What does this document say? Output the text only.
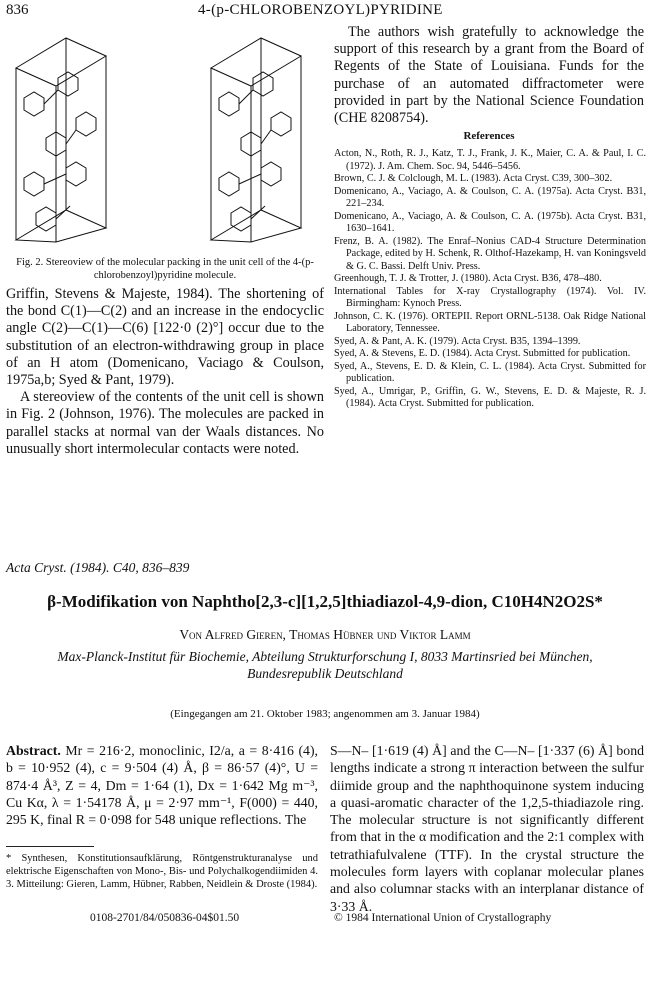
836	4-(p-CHLOROBENZOYL)PYRIDINE
Fig. 2. Stereoview of the molecular packing in the unit cell of the 4-(p-chlorobenzoyl)pyridine molecule.

Griffin, Stevens & Majeste, 1984). The shortening of the bond C(1)—C(2) and an increase in the endocyclic angle C(2)—C(1)—C(6) [122·0 (2)°] occur due to the substitution of an electron-withdrawing group in place of an H atom (Domenicano, Vaciago & Coulson, 1975a,b; Syed & Pant, 1979).

A stereoview of the contents of the unit cell is shown in Fig. 2 (Johnson, 1976). The molecules are packed in parallel stacks at normal van der Waals distances. No unusually short intermolecular contacts were noted.

The authors wish gratefully to acknowledge the support of this research by a grant from the Board of Regents of the State of Louisiana. Funds for the purchase of an automated diffractometer were provided in part by the National Science Foundation (CHE 8208754).
References
Acton, N., Roth, R. J., Katz, T. J., Frank, J. K., Maier, C. A. & Paul, I. C. (1972). J. Am. Chem. Soc. 94, 5446–5456.
Brown, C. J. & Colclough, M. L. (1983). Acta Cryst. C39, 300–302.
Domenicano, A., Vaciago, A. & Coulson, C. A. (1975a). Acta Cryst. B31, 221–234.
Domenicano, A., Vaciago, A. & Coulson, C. A. (1975b). Acta Cryst. B31, 1630–1641.
Frenz, B. A. (1982). The Enraf–Nonius CAD-4 Structure Determination Package, edited by H. Schenk, R. Olthof-Hazekamp, H. van Koningsveld & G. C. Bassi. Delft Univ. Press.
Greenhough, T. J. & Trotter, J. (1980). Acta Cryst. B36, 478–480.
International Tables for X-ray Crystallography (1974). Vol. IV. Birmingham: Kynoch Press.
Johnson, C. K. (1976). ORTEPII. Report ORNL-5138. Oak Ridge National Laboratory, Tennessee.
Syed, A. & Pant, A. K. (1979). Acta Cryst. B35, 1394–1399.
Syed, A. & Stevens, E. D. (1984). Acta Cryst. Submitted for publication.
Syed, A., Stevens, E. D. & Klein, C. L. (1984). Acta Cryst. Submitted for publication.
Syed, A., Umrigar, P., Griffin, G. W., Stevens, E. D. & Majeste, R. J. (1984). Acta Cryst. Submitted for publication.
Acta Cryst. (1984). C40, 836–839
β-Modifikation von Naphtho[2,3-c][1,2,5]thiadiazol-4,9-dion, C10H4N2O2S*
Von Alfred Gieren, Thomas Hübner und Viktor Lamm
Max-Planck-Institut für Biochemie, Abteilung Strukturforschung I, 8033 Martinsried bei München, Bundesrepublik Deutschland
(Eingegangen am 21. Oktober 1983; angenommen am 3. Januar 1984)
Abstract. Mr = 216·2, monoclinic, I2/a, a = 8·416 (4), b = 10·952 (4), c = 9·504 (4) Å, β = 86·57 (4)°, U = 874·4 Å³, Z = 4, Dm = 1·64 (1), Dx = 1·642 Mg m⁻³, Cu Kα, λ = 1·54178 Å, μ = 2·97 mm⁻¹, F(000) = 440, 295 K, final R = 0·098 for 548 unique reflections. The
S—N– [1·619 (4) Å] and the C—N– [1·337 (6) Å] bond lengths indicate a strong π interaction between the sulfur diimide group and the naphthoquinone system inducing a quasi-aromatic character of the 1,2,5-thiadiazole ring. The molecular structure is not significantly different from that in the α modification and the 2:1 complex with tetrathiafulvalene (TTF). In the crystal structure the molecules form layers with coplanar molecular planes and also columnar stacks with an interplanar distance of 3·33 Å.
* Synthesen, Konstitutionsaufklärung, Röntgenstrukturanalyse und elektrische Eigenschaften von Mono-, Bis- und Polychalkogendiimiden 4. 3. Mitteilung: Gieren, Lamm, Hübner, Rabben, Neidlein & Droste (1984).
0108-2701/84/050836-04$01.50	© 1984 International Union of Crystallography
